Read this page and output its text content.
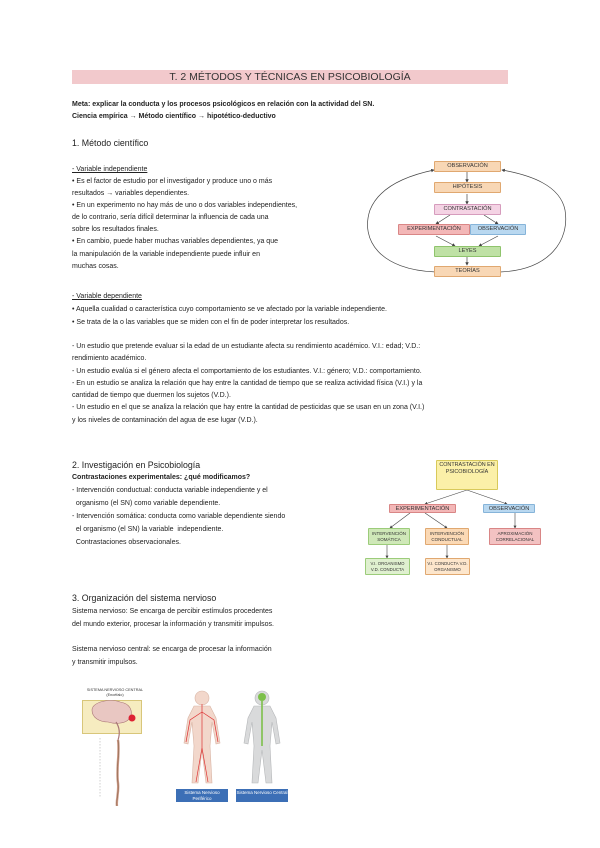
T. 2 MÉTODOS Y TÉCNICAS EN PSICOBIOLOGÍA
Meta: explicar la conducta y los procesos psicológicos en relación con la actividad del SN.
Ciencia empírica → Método científico → hipotético-deductivo
1. Método científico
- Variable independiente
• Es el factor de estudio por el investigador y produce uno o más
resultados → variables dependientes.
• En un experimento no hay más de uno o dos variables independientes,
de lo contrario, sería difícil determinar la influencia de cada una
sobre los resultados finales.
• En cambio, puede haber muchas variables dependientes, ya que
la manipulación de la variable independiente puede influir en
muchas cosas.
- Variable dependiente
• Aquella cualidad o característica cuyo comportamiento se ve afectado por la variable independiente.
• Se trata de la o las variables que se miden con el fin de poder interpretar los resultados.
- Un estudio que pretende evaluar si la edad de un estudiante afecta su rendimiento académico. V.I.: edad; V.D.:
rendimiento académico.
- Un estudio evalúa si el género afecta el comportamiento de los estudiantes. V.I.: género; V.D.: comportamiento.
- En un estudio se analiza la relación que hay entre la cantidad de tiempo que se realiza actividad física (V.I.) y la
cantidad de tiempo que duermen los sujetos (V.D.).
- Un estudio en el que se analiza la relación que hay entre la cantidad de pesticidas que se usan en un zona (V.I.)
y los niveles de contaminación del agua de ese lugar (V.D.).
OBSERVACIÓN
HIPÓTESIS
CONTRASTACIÓN
EXPERIMENTACIÓN	OBSERVACIÓN
LEYES
TEORÍAS
2. Investigación en Psicobiología
Contrastaciones experimentales: ¿qué modificamos?
- Intervención conductual: conducta variable independiente y el
organismo (el SN) como variable dependiente.
- Intervención somática: conducta como variable dependiente siendo
el organismo (el SN) la variable  independiente.
Contrastaciones observacionales.
CONTRASTACIÓN EN PSICOBIOLOGÍA
EXPERIMENTACIÓN	OBSERVACIÓN
INTERVENCIÓN SOMÁTICA
INTERVENCIÓN CONDUCTUAL
APROXIMACIÓN CORRELACIONAL
V.I. ORGANISMO V.D. CONDUCTA
V.I. CONDUCTA V.D. ORGANISMO
3. Organización del sistema nervioso
Sistema nervioso: Se encarga de percibir estímulos procedentes
del mundo exterior, procesar la información y transmitir impulsos.
Sistema nervioso central: se encarga de procesar la información
y transmitir impulsos.
SISTEMA NERVIOSO CENTRAL (Encéfalo)
Sistema Nervioso Periférico
Sistema Nervioso Central
